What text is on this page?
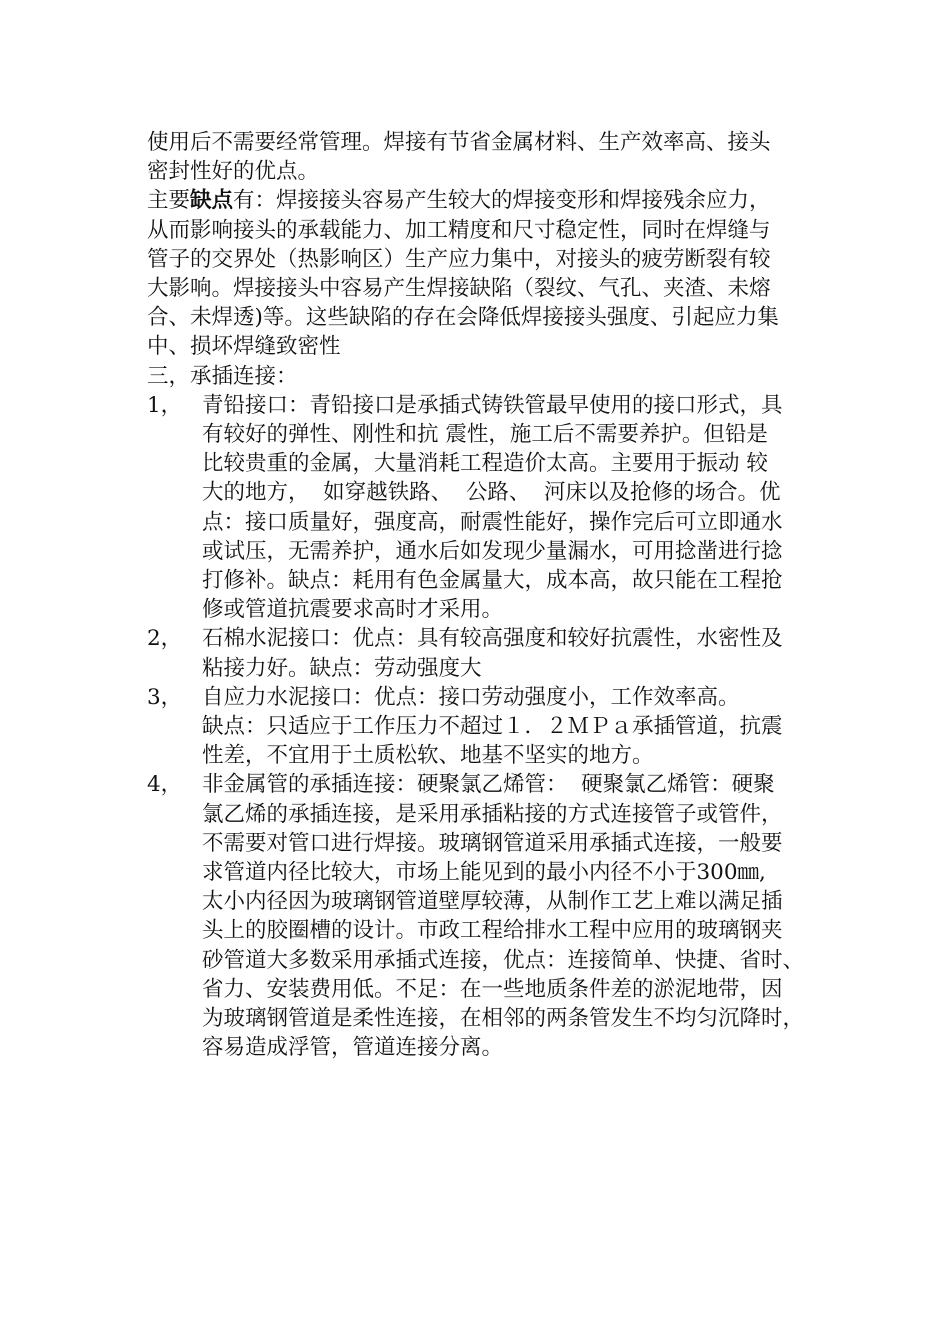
使用后不需要经常管理。焊接有节省金属材料、生产效率高、接头

密封性好的优点。

主要缺点有：焊接接头容易产生较大的焊接变形和焊接残余应力，

从而影响接头的承载能力、加工精度和尺寸稳定性，同时在焊缝与

管子的交界处（热影响区）生产应力集中，对接头的疲劳断裂有较

大影响。焊接接头中容易产生焊接缺陷（裂纹、气孔、夹渣、未熔

合、未焊透)等。这些缺陷的存在会降低焊接接头强度、引起应力集

中、损坏焊缝致密性

三，承插连接：

1， 青铅接口：青铅接口是承插式铸铁管最早使用的接口形式，具

有较好的弹性、刚性和抗 震性，施工后不需要养护。但铅是

比较贵重的金属，大量消耗工程造价太高。主要用于振动 较

大的地方，  如穿越铁路、  公路、  河床以及抢修的场合。优

点：接口质量好，强度高，耐震性能好，操作完后可立即通水

或试压，无需养护，通水后如发现少量漏水，可用捻凿进行捻

打修补。缺点：耗用有色金属量大，成本高，故只能在工程抢

修或管道抗震要求高时才采用。

2， 石棉水泥接口：优点：具有较高强度和较好抗震性，水密性及

粘接力好。缺点：劳动强度大

3， 自应力水泥接口：优点：接口劳动强度小，工作效率高。

缺点：只适应于工作压力不超过１．２ＭＰａ承插管道，抗震

性差，不宜用于土质松软、地基不坚实的地方。

4， 非金属管的承插连接：硬聚氯乙烯管：  硬聚氯乙烯管：硬聚

氯乙烯的承插连接，是采用承插粘接的方式连接管子或管件，

不需要对管口进行焊接。玻璃钢管道采用承插式连接，一般要

求管道内径比较大，市场上能见到的最小内径不小于300㎜,

太小内径因为玻璃钢管道壁厚较薄，从制作工艺上难以满足插

头上的胶圈槽的设计。市政工程给排水工程中应用的玻璃钢夹

砂管道大多数采用承插式连接，优点：连接简单、快捷、省时、

省力、安装费用低。不足：在一些地质条件差的淤泥地带，因

为玻璃钢管道是柔性连接，在相邻的两条管发生不均匀沉降时，

容易造成浮管，管道连接分离。
